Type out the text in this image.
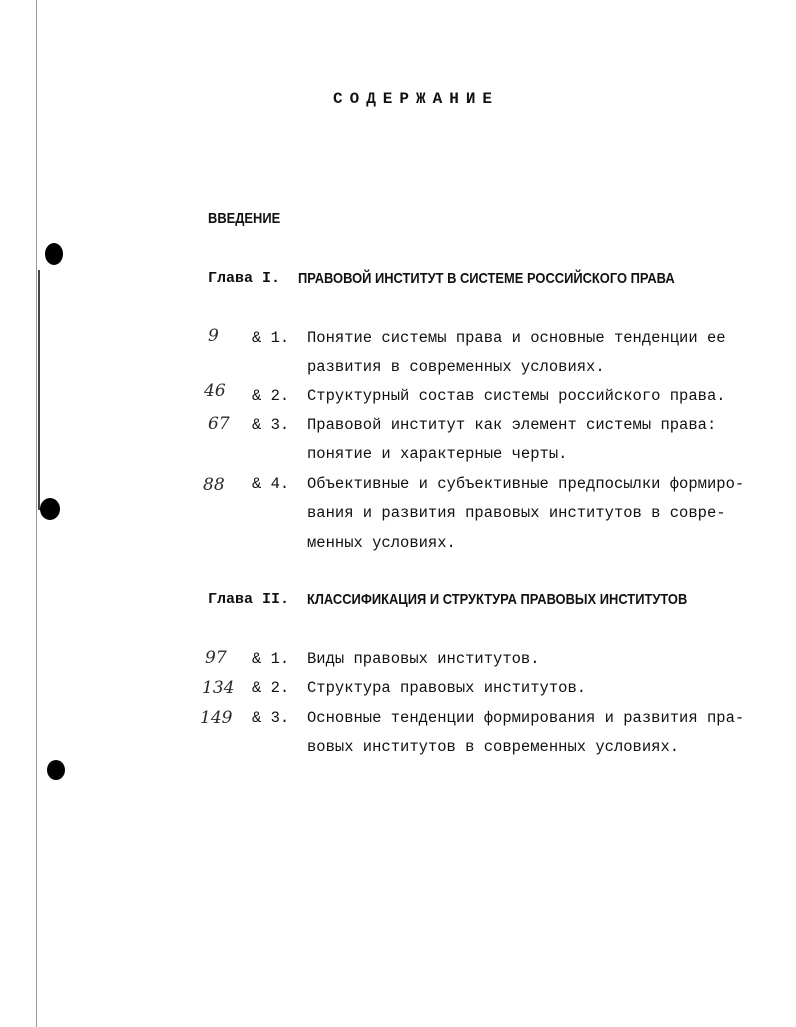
СОДЕРЖАНИЕ
ВВЕДЕНИЕ
Глава I. ПРАВОВОЙ ИНСТИТУТ В СИСТЕМЕ РОССИЙСКОГО ПРАВА
9 & 1. Понятие системы права и основные тенденции ее
развития в современных условиях.
46 & 2. Структурный состав системы российского права.
67 & 3. Правовой институт как элемент системы права:
понятие и характерные черты.
88 & 4. Объективные и субъективные предпосылки формиро-
вания и развития правовых институтов в совре-
менных условиях.
Глава II. КЛАССИФИКАЦИЯ И СТРУКТУРА ПРАВОВЫХ ИНСТИТУТОВ
97 & 1. Виды правовых институтов.
134 & 2. Структура правовых институтов.
149 & 3. Основные тенденции формирования и развития пра-
вовых институтов в современных условиях.
